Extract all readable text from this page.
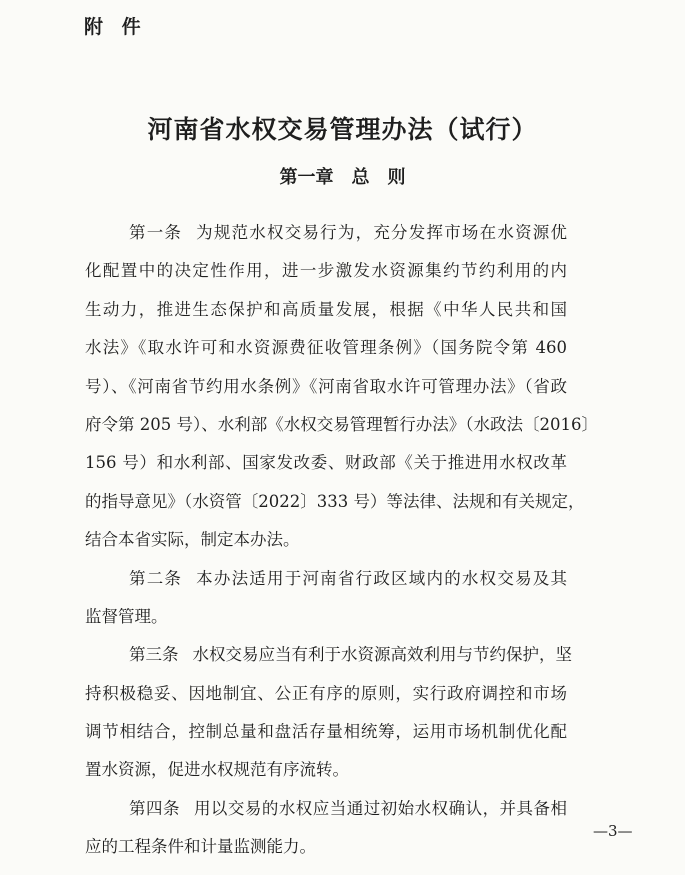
附 件
河南省水权交易管理办法（试行）
第一章　总　则
第一条 为规范水权交易行为，充分发挥市场在水资源优
化配置中的决定性作用，进一步激发水资源集约节约利用的内
生动力，推进生态保护和高质量发展，根据《中华人民共和国
水法》《取水许可和水资源费征收管理条例》（国务院令第 460
号）、《河南省节约用水条例》《河南省取水许可管理办法》（省政
府令第 205 号）、水利部《水权交易管理暂行办法》（水政法〔2016〕
156 号）和水利部、国家发改委、财政部《关于推进用水权改革
的指导意见》（水资管〔2022〕333 号）等法律、法规和有关规定，
结合本省实际，制定本办法。
第二条 本办法适用于河南省行政区域内的水权交易及其
监督管理。
第三条 水权交易应当有利于水资源高效利用与节约保护，坚
持积极稳妥、因地制宜、公正有序的原则，实行政府调控和市场
调节相结合，控制总量和盘活存量相统筹，运用市场机制优化配
置水资源，促进水权规范有序流转。
第四条 用以交易的水权应当通过初始水权确认，并具备相
应的工程条件和计量监测能力。
—3—
